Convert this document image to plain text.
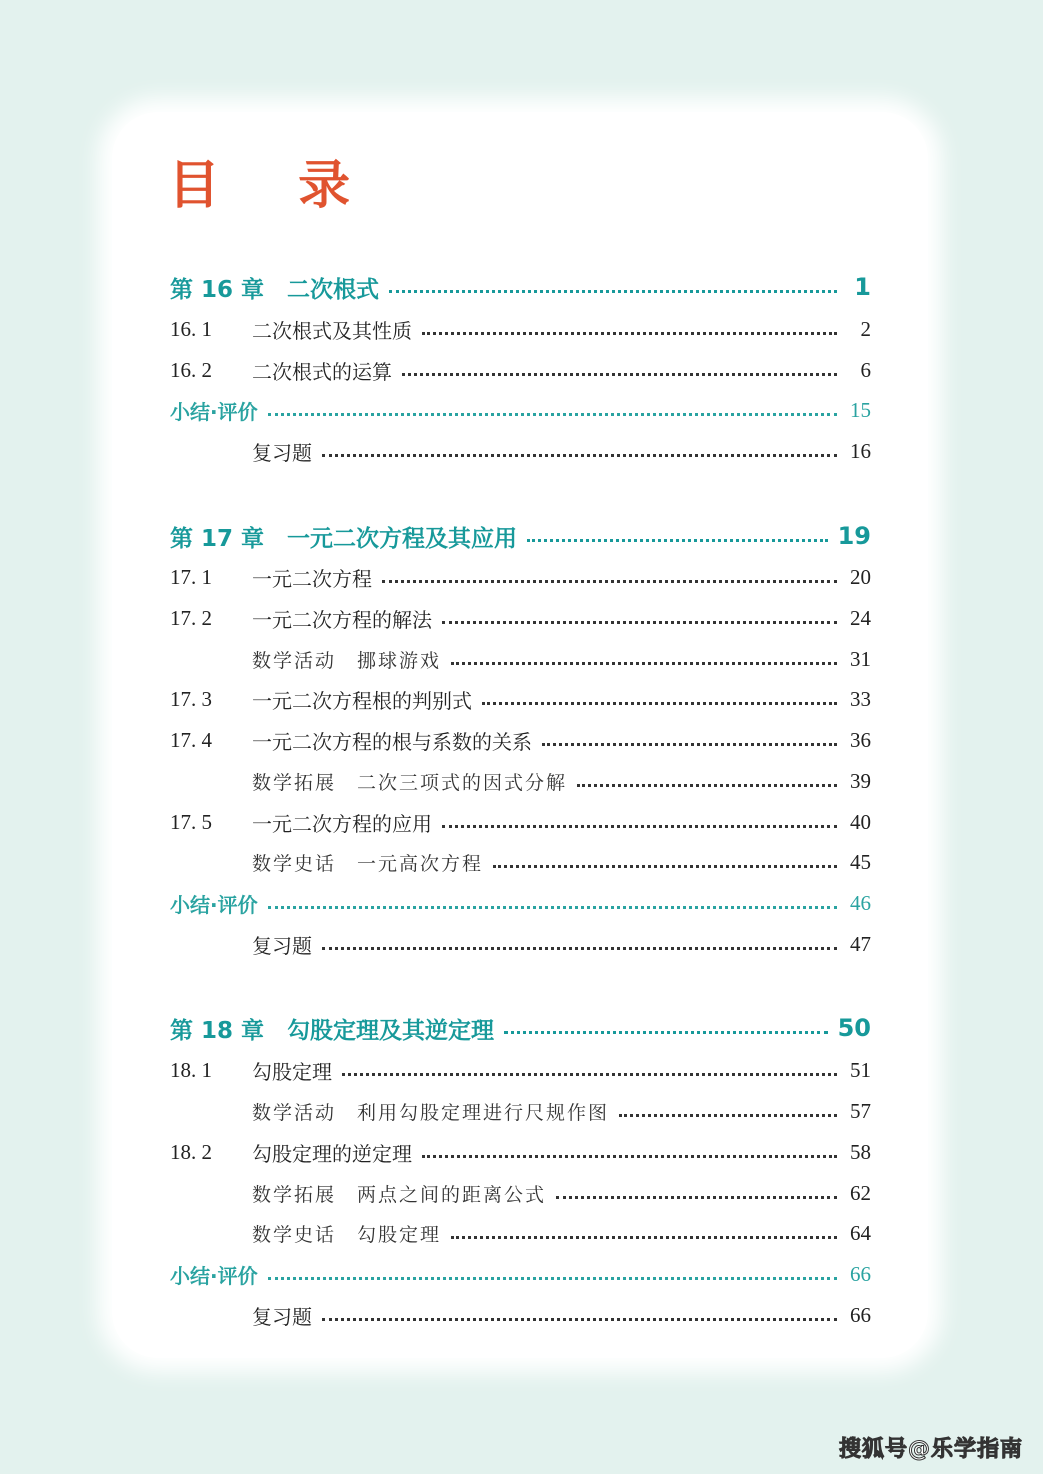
目 录
第 16 章　二次根式	1
16. 1	二次根式及其性质	2
16. 2	二次根式的运算	6
小结·评价	15
复习题	16
第 17 章　一元二次方程及其应用	19
17. 1	一元二次方程	20
17. 2	一元二次方程的解法	24
数学活动　挪球游戏	31
17. 3	一元二次方程根的判别式	33
17. 4	一元二次方程的根与系数的关系	36
数学拓展　二次三项式的因式分解	39
17. 5	一元二次方程的应用	40
数学史话　一元高次方程	45
小结·评价	46
复习题	47
第 18 章　勾股定理及其逆定理	50
18. 1	勾股定理	51
数学活动　利用勾股定理进行尺规作图	57
18. 2	勾股定理的逆定理	58
数学拓展　两点之间的距离公式	62
数学史话　勾股定理	64
小结·评价	66
复习题	66
搜狐号@乐学指南
